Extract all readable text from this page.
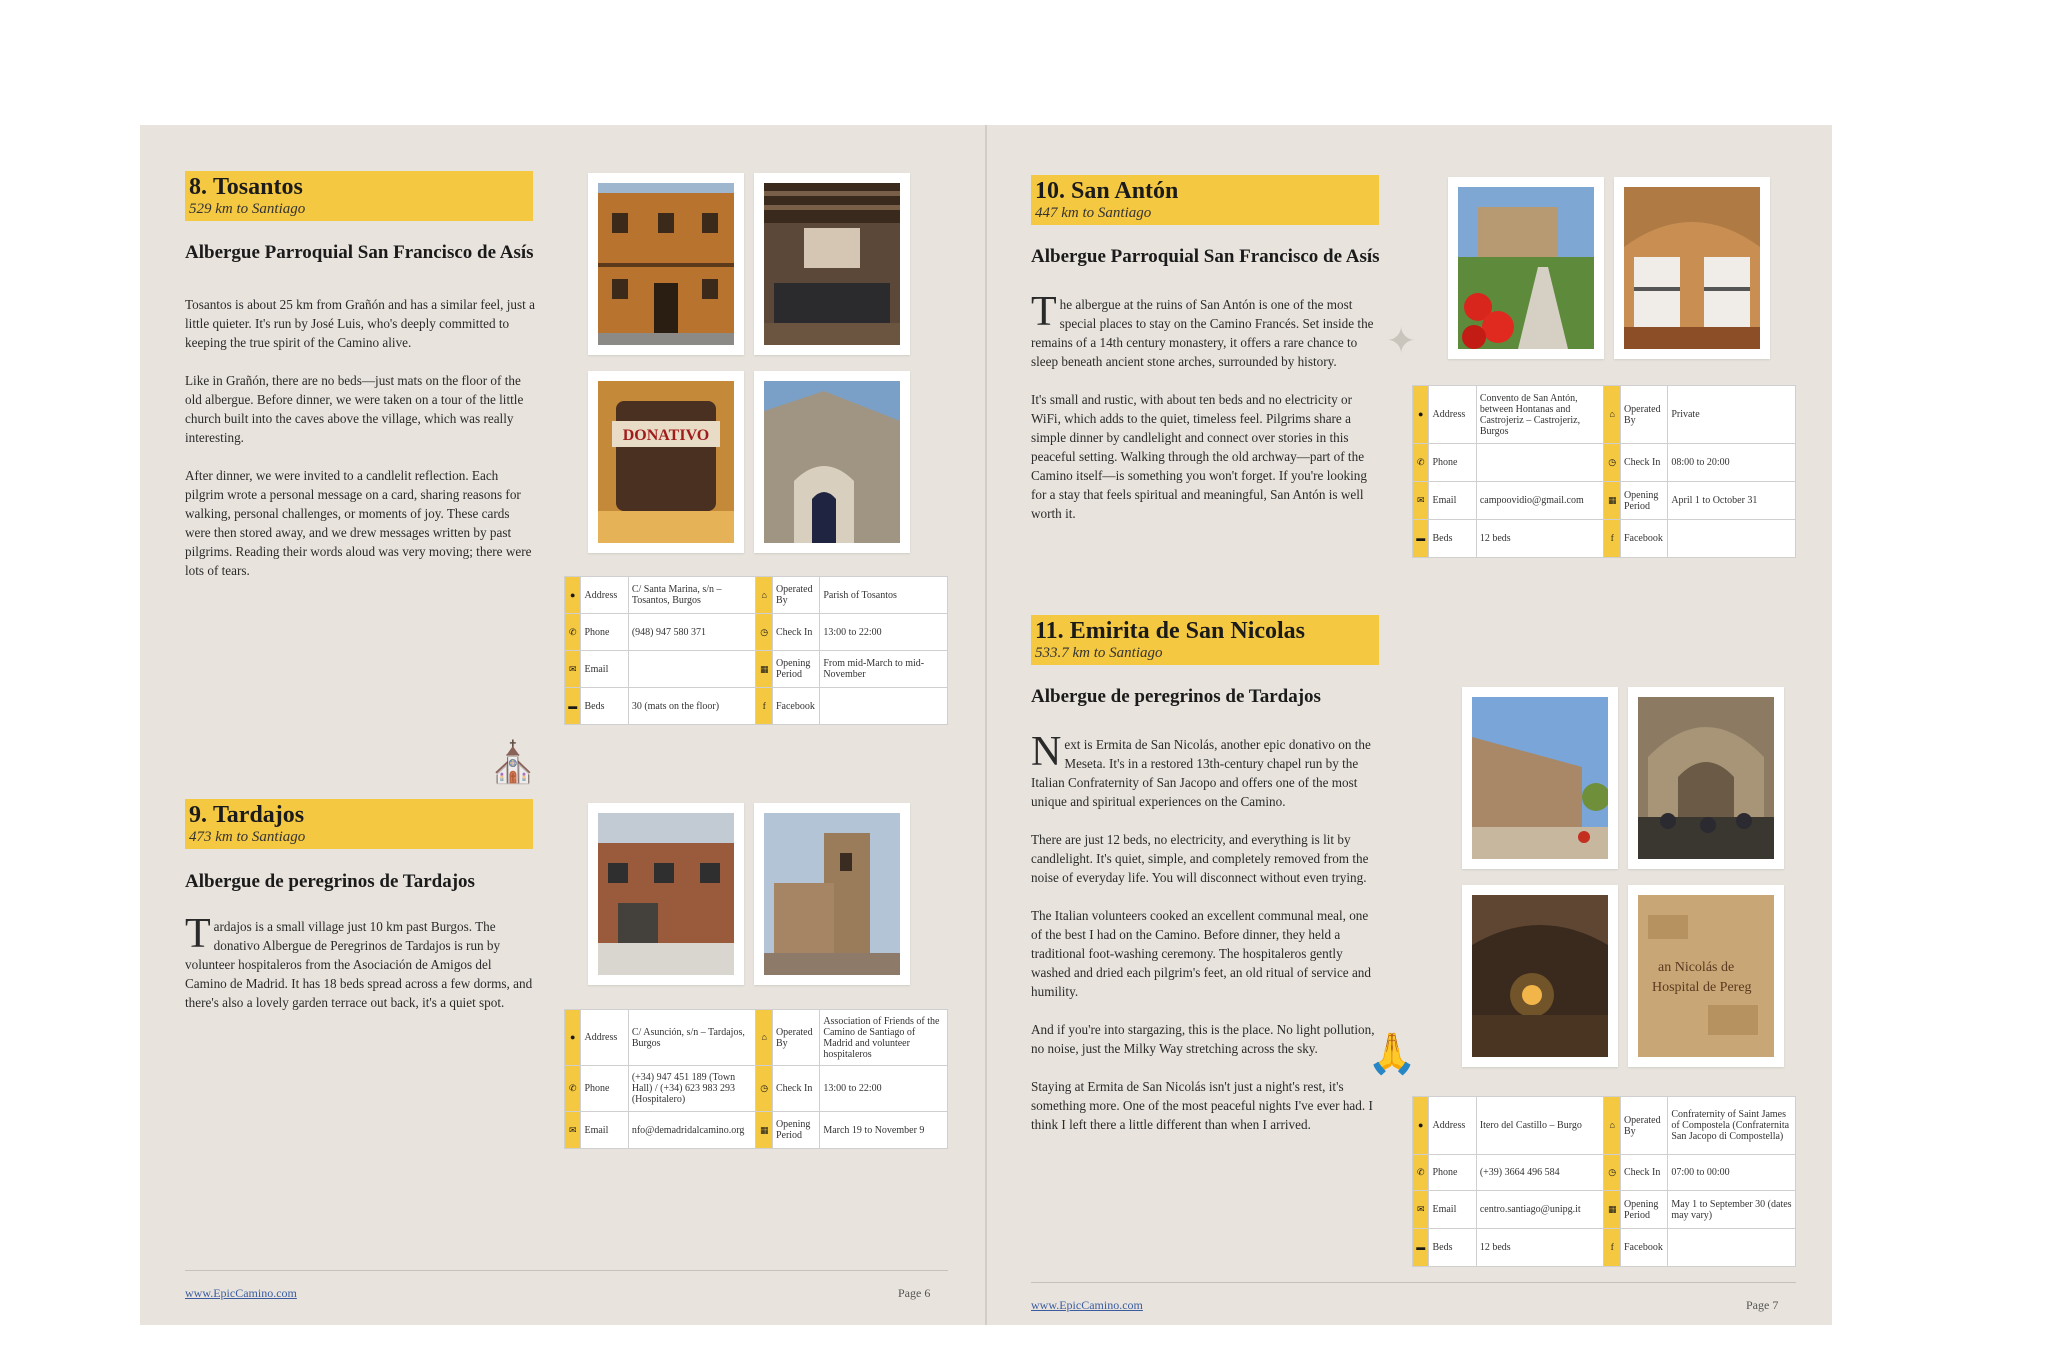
8. Tosantos
529 km to Santiago
Albergue Parroquial San Francisco de Asís

Tosantos is about 25 km from Grañón and has a similar feel, just a little quieter. It's run by José Luis, who's deeply committed to keeping the true spirit of the Camino alive.

Like in Grañón, there are no beds—just mats on the floor of the old albergue. Before dinner, we were taken on a tour of the little church built into the caves above the village, which was really interesting.

After dinner, we were invited to a candlelit reflection. Each pilgrim wrote a personal message on a card, sharing reasons for walking, personal challenges, or moments of joy. These cards were then stored away, and we drew messages written by past pilgrims. Reading their words aloud was very moving; there were lots of tears.

DONATIVO
●	Address	C/ Santa Marina, s/n – Tosantos, Burgos	⌂	Operated By	Parish of Tosantos
✆	Phone	(948) 947 580 371	◷	Check In	13:00 to 22:00
✉	Email		▦	Opening Period	From mid-March to mid-November
▬	Beds	30 (mats on the floor)	f	Facebook	
⛪
9. Tardajos
473 km to Santiago
Albergue de peregrinos de Tardajos

Tardajos is a small village just 10 km past Burgos. The donativo Albergue de Peregrinos de Tardajos is run by volunteer hospitaleros from the Asociación de Amigos del Camino de Madrid. It has 18 beds spread across a few dorms, and there's also a lovely garden terrace out back, it's a quiet spot.

●	Address	C/ Asunción, s/n – Tardajos, Burgos	⌂	Operated By	Association of Friends of the Camino de Santiago of Madrid and volunteer hospitaleros
✆	Phone	(+34) 947 451 189 (Town Hall) / (+34) 623 983 293 (Hospitalero)	◷	Check In	13:00 to 22:00
✉	Email	nfo@demadridalcamino.org	▦	Opening Period	March 19 to November 9
www.EpicCamino.com	Page 6
10. San Antón
447 km to Santiago
Albergue Parroquial San Francisco de Asís

The albergue at the ruins of San Antón is one of the most special places to stay on the Camino Francés. Set inside the remains of a 14th century monastery, it offers a rare chance to sleep beneath ancient stone arches, surrounded by history.

It's small and rustic, with about ten beds and no electricity or WiFi, which adds to the quiet, timeless feel. Pilgrims share a simple dinner by candlelight and connect over stories in this peaceful setting. Walking through the old archway—part of the Camino itself—is something you won't forget. If you're looking for a stay that feels spiritual and meaningful, San Antón is well worth it.

✦
●	Address	Convento de San Antón, between Hontanas and Castrojeriz – Castrojeriz, Burgos	⌂	Operated By	Private
✆	Phone		◷	Check In	08:00 to 20:00
✉	Email	campoovidio@gmail.com	▦	Opening Period	April 1 to October 31
▬	Beds	12 beds	f	Facebook	
11. Emirita de San Nicolas
533.7 km to Santiago
Albergue de peregrinos de Tardajos

Next is Ermita de San Nicolás, another epic donativo on the Meseta. It's in a restored 13th-century chapel run by the Italian Confraternity of San Jacopo and offers one of the most unique and spiritual experiences on the Camino.

There are just 12 beds, no electricity, and everything is lit by candlelight. It's quiet, simple, and completely removed from the noise of everyday life. You will disconnect without even trying.

The Italian volunteers cooked an excellent communal meal, one of the best I had on the Camino. Before dinner, they held a traditional foot-washing ceremony. The hospitaleros gently washed and dried each pilgrim's feet, an old ritual of service and humility.

And if you're into stargazing, this is the place. No light pollution, no noise, just the Milky Way stretching across the sky.

Staying at Ermita de San Nicolás isn't just a night's rest, it's something more. One of the most peaceful nights I've ever had. I think I left there a little different than when I arrived.

an Nicolás de
Hospital de Pereg
🙏
●	Address	Itero del Castillo – Burgo	⌂	Operated By	Confraternity of Saint James of Compostela (Confraternita San Jacopo di Compostella)
✆	Phone	(+39) 3664 496 584	◷	Check In	07:00 to 00:00
✉	Email	centro.santiago@unipg.it	▦	Opening Period	May 1 to September 30 (dates may vary)
▬	Beds	12 beds	f	Facebook	
www.EpicCamino.com	Page 7
